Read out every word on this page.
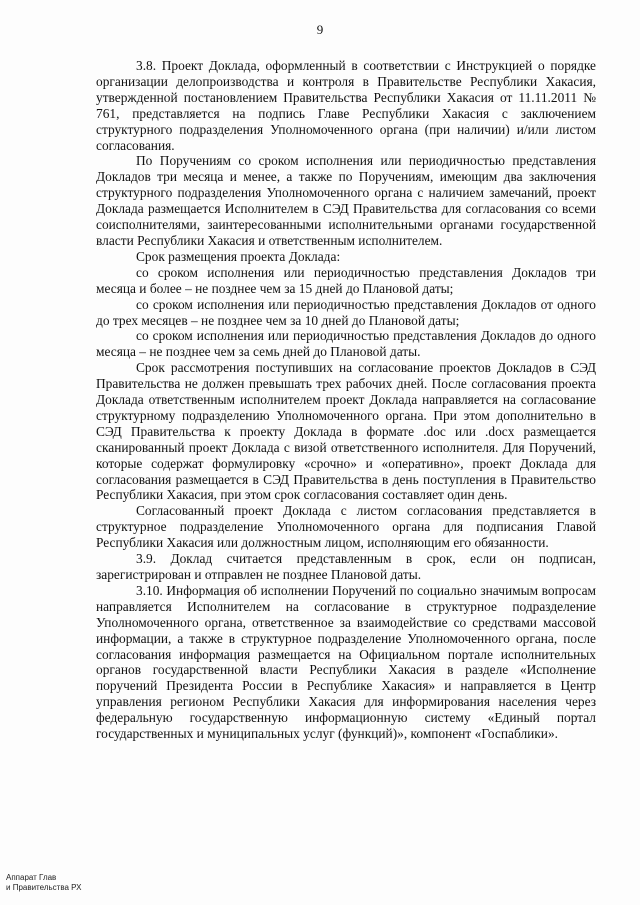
9

3.8. Проект Доклада, оформленный в соответствии с Инструкцией о порядке организации делопроизводства и контроля в Правительстве Республики Хакасия, утвержденной постановлением Правительства Республики Хакасия от 11.11.2011 № 761, представляется на подпись Главе Республики Хакасия с заключением структурного подразделения Уполномоченного органа (при наличии) и/или листом согласования.

По Поручениям со сроком исполнения или периодичностью представления Докладов три месяца и менее, а также по Поручениям, имеющим два заключения структурного подразделения Уполномоченного органа с наличием замечаний, проект Доклада размещается Исполнителем в СЭД Правительства для согласования со всеми соисполнителями, заинтересованными исполнительными органами государственной власти Республики Хакасия и ответственным исполнителем.

Срок размещения проекта Доклада:

со сроком исполнения или периодичностью представления Докладов три месяца и более – не позднее чем за 15 дней до Плановой даты;

со сроком исполнения или периодичностью представления Докладов от одного до трех месяцев – не позднее чем за 10 дней до Плановой даты;

со сроком исполнения или периодичностью представления Докладов до одного месяца – не позднее чем за семь дней до Плановой даты.

Срок рассмотрения поступивших на согласование проектов Докладов в СЭД Правительства не должен превышать трех рабочих дней. После согласования проекта Доклада ответственным исполнителем проект Доклада направляется на согласование структурному подразделению Уполномоченного органа. При этом дополнительно в СЭД Правительства к проекту Доклада в формате .doc или .docx размещается сканированный проект Доклада с визой ответственного исполнителя. Для Поручений, которые содержат формулировку «срочно» и «оперативно», проект Доклада для согласования размещается в СЭД Правительства в день поступления в Правительство Республики Хакасия, при этом срок согласования составляет один день.

Согласованный проект Доклада с листом согласования представляется в структурное подразделение Уполномоченного органа для подписания Главой Республики Хакасия или должностным лицом, исполняющим его обязанности.

3.9. Доклад считается представленным в срок, если он подписан, зарегистрирован и отправлен не позднее Плановой даты.

3.10. Информация об исполнении Поручений по социально значимым вопросам направляется Исполнителем на согласование в структурное подразделение Уполномоченного органа, ответственное за взаимодействие со средствами массовой информации, а также в структурное подразделение Уполномоченного органа, после согласования информация размещается на Официальном портале исполнительных органов государственной власти Республики Хакасия в разделе «Исполнение поручений Президента России в Республике Хакасия» и направляется в Центр управления регионом Республики Хакасия для информирования населения через федеральную государственную информационную систему «Единый портал государственных и муниципальных услуг (функций)», компонент «Госпаблики».

Аппарат Глав
и Правительства РХ
